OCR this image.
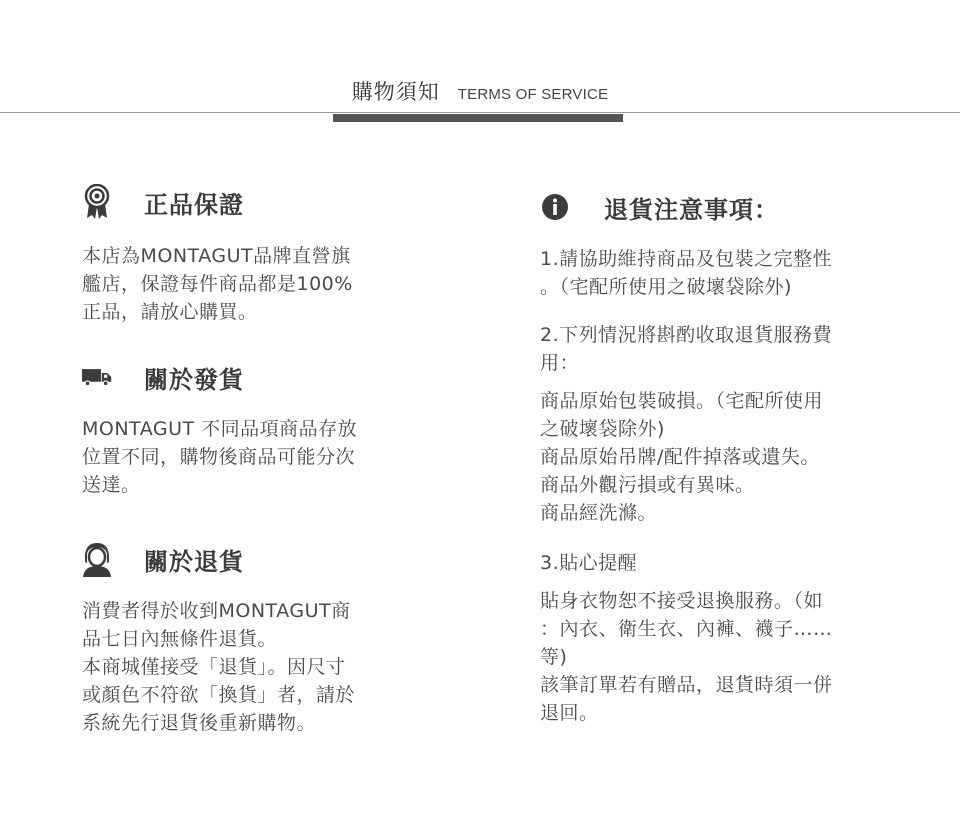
購物須知 TERMS OF SERVICE
正品保證

本店為MONTAGUT品牌直營旗
艦店，保證每件商品都是100%
正品，請放心購買。

關於發貨

MONTAGUT 不同品項商品存放
位置不同，購物後商品可能分次
送達。

關於退貨

消費者得於收到MONTAGUT商
品七日內無條件退貨。
本商城僅接受「退貨」。因尺寸
或顏色不符欲「換貨」者，請於
系統先行退貨後重新購物。

退貨注意事項：

1.請協助維持商品及包裝之完整性
。（宅配所使用之破壞袋除外)

2.下列情況將斟酌收取退貨服務費
用：

商品原始包裝破損。（宅配所使用
之破壞袋除外)
商品原始吊牌/配件掉落或遺失。
商品外觀污損或有異味。
商品經洗滌。

3.貼心提醒

貼身衣物恕不接受退換服務。（如
：內衣、衛生衣、內褲、襪子……
等)
該筆訂單若有贈品，退貨時須一併
退回。
